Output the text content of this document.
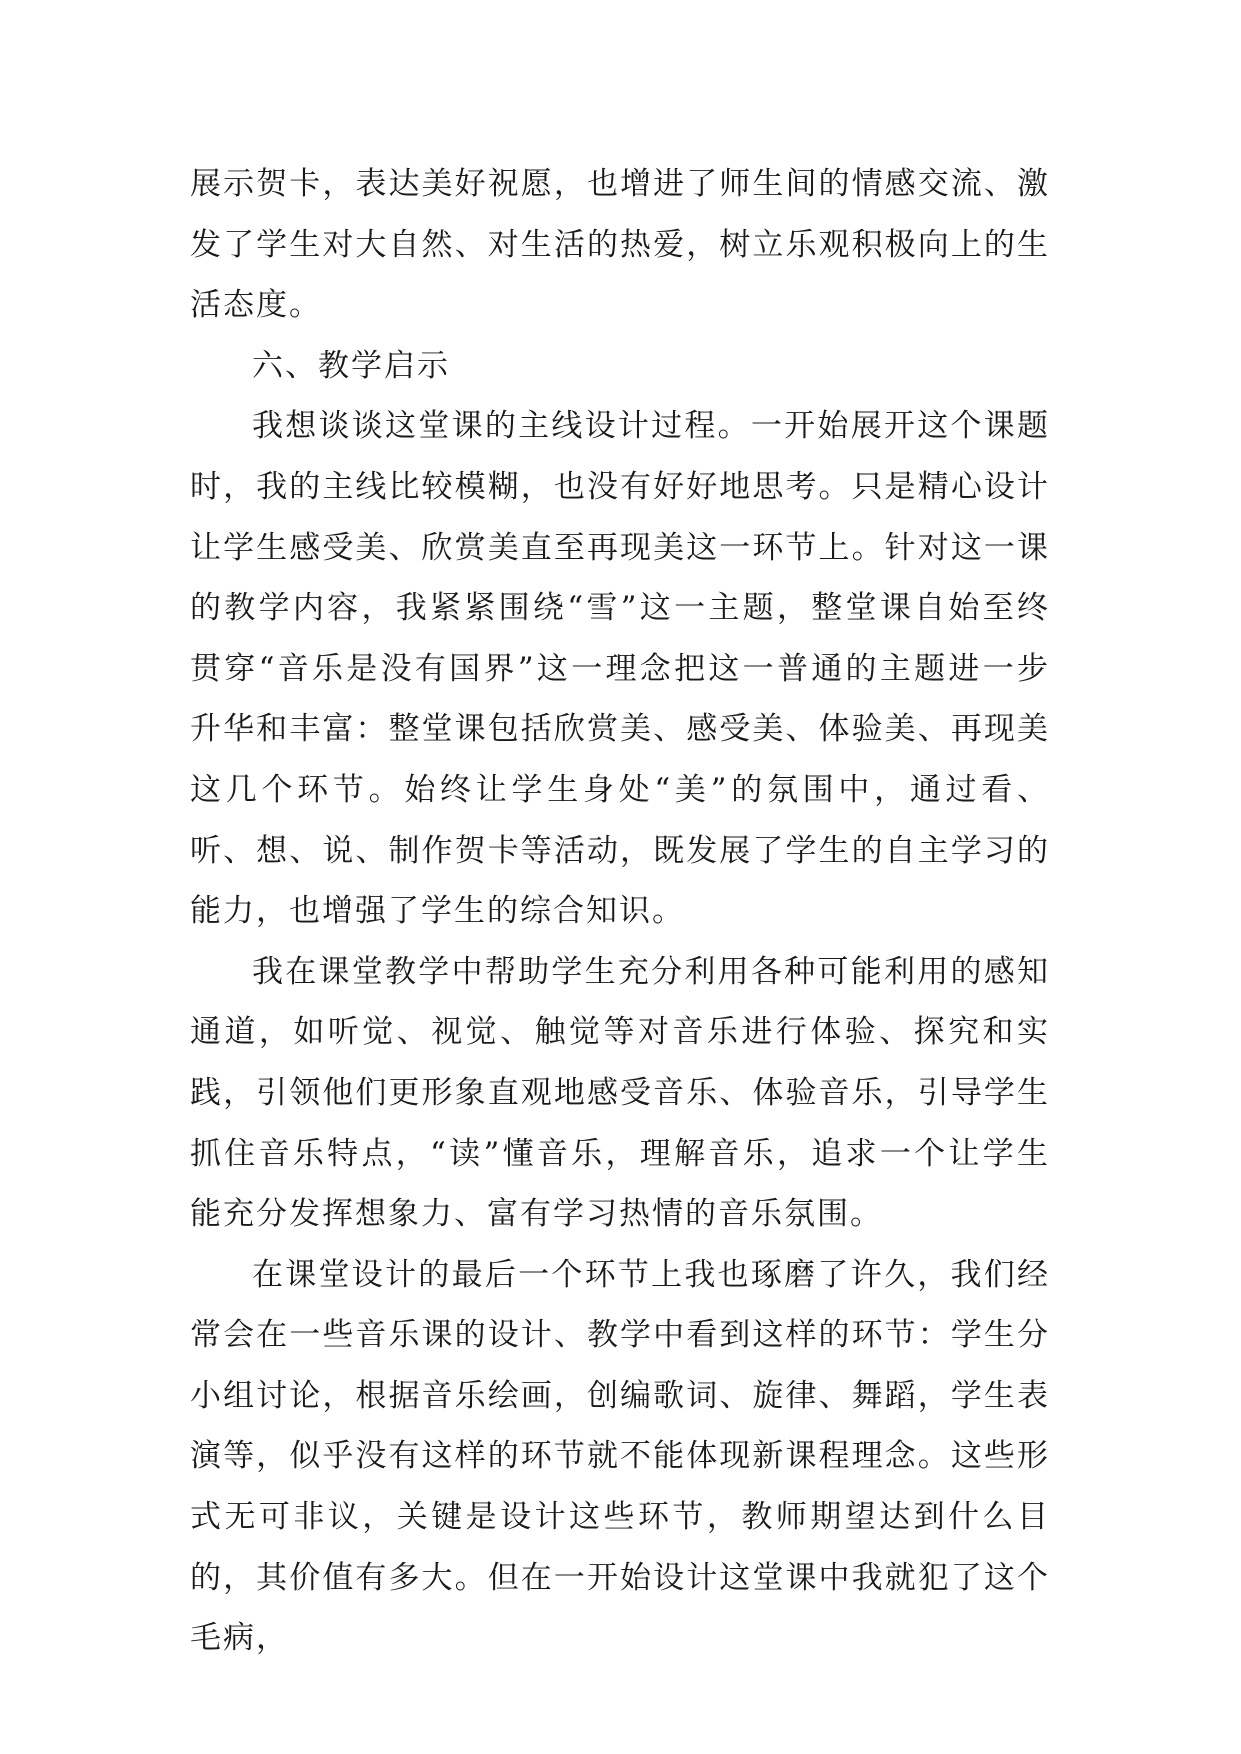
展示贺卡，表达美好祝愿，也增进了师生间的情感交流、激发了学生对大自然、对生活的热爱，树立乐观积极向上的生活态度。

六、教学启示

我想谈谈这堂课的主线设计过程。一开始展开这个课题时，我的主线比较模糊，也没有好好地思考。只是精心设计让学生感受美、欣赏美直至再现美这一环节上。针对这一课的教学内容，我紧紧围绕“雪”这一主题，整堂课自始至终贯穿“音乐是没有国界”这一理念把这一普通的主题进一步升华和丰富：整堂课包括欣赏美、感受美、体验美、再现美这几个环节。始终让学生身处“美”的氛围中，通过看、听、想、说、制作贺卡等活动，既发展了学生的自主学习的能力，也增强了学生的综合知识。

我在课堂教学中帮助学生充分利用各种可能利用的感知通道，如听觉、视觉、触觉等对音乐进行体验、探究和实践，引领他们更形象直观地感受音乐、体验音乐，引导学生抓住音乐特点，“读”懂音乐，理解音乐，追求一个让学生能充分发挥想象力、富有学习热情的音乐氛围。

在课堂设计的最后一个环节上我也琢磨了许久，我们经常会在一些音乐课的设计、教学中看到这样的环节：学生分小组讨论，根据音乐绘画，创编歌词、旋律、舞蹈，学生表演等，似乎没有这样的环节就不能体现新课程理念。这些形式无可非议，关键是设计这些环节，教师期望达到什么目的，其价值有多大。但在一开始设计这堂课中我就犯了这个毛病，
